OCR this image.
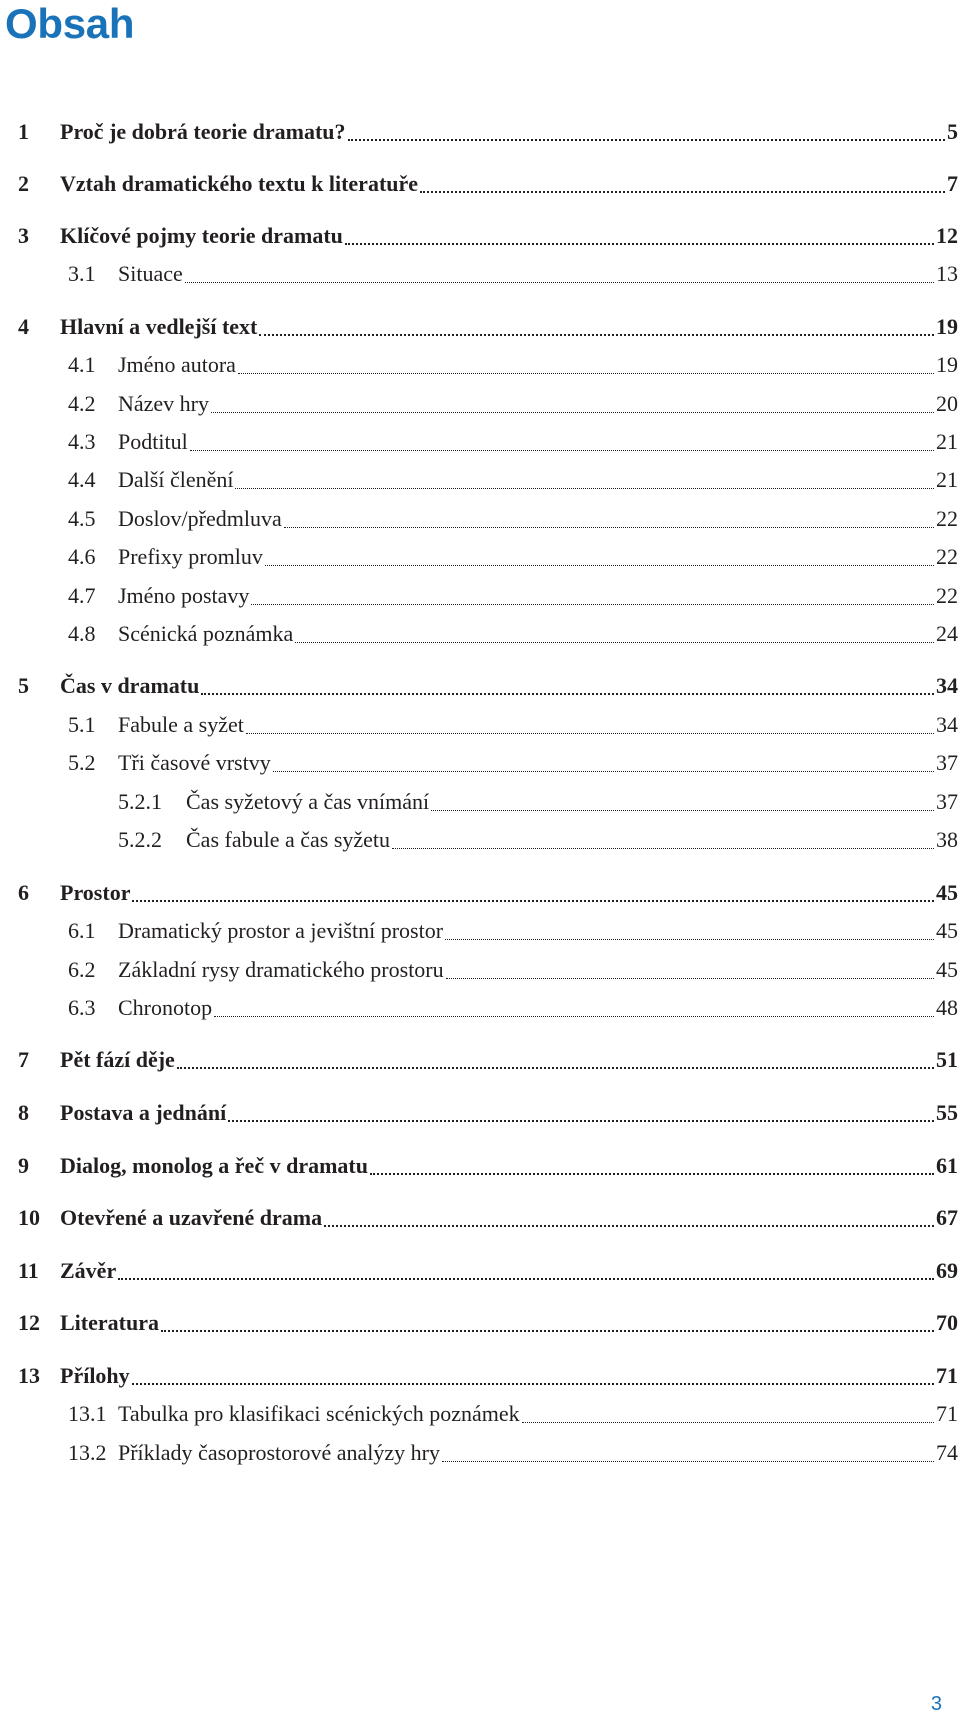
Obsah
1	Proč je dobrá teorie dramatu?	5
2	Vztah dramatického textu k literatuře	7
3	Klíčové pojmy teorie dramatu	12
3.1	Situace	13
4	Hlavní a vedlejší text	19
4.1	Jméno autora	19
4.2	Název hry	20
4.3	Podtitul	21
4.4	Další členění	21
4.5	Doslov/předmluva	22
4.6	Prefixy promluv	22
4.7	Jméno postavy	22
4.8	Scénická poznámka	24
5	Čas v dramatu	34
5.1	Fabule a syžet	34
5.2	Tři časové vrstvy	37
5.2.1	Čas syžetový a čas vnímání	37
5.2.2	Čas fabule a čas syžetu	38
6	Prostor	45
6.1	Dramatický prostor a jevištní prostor	45
6.2	Základní rysy dramatického prostoru	45
6.3	Chronotop	48
7	Pět fází děje	51
8	Postava a jednání	55
9	Dialog, monolog a řeč v dramatu	61
10 Otevřené a uzavřené drama	67
11 Závěr	69
12 Literatura	70
13 Přílohy	71
13.1 Tabulka pro klasifikaci scénických poznámek	71
13.2 Příklady časoprostorové analýzy hry	74
3
